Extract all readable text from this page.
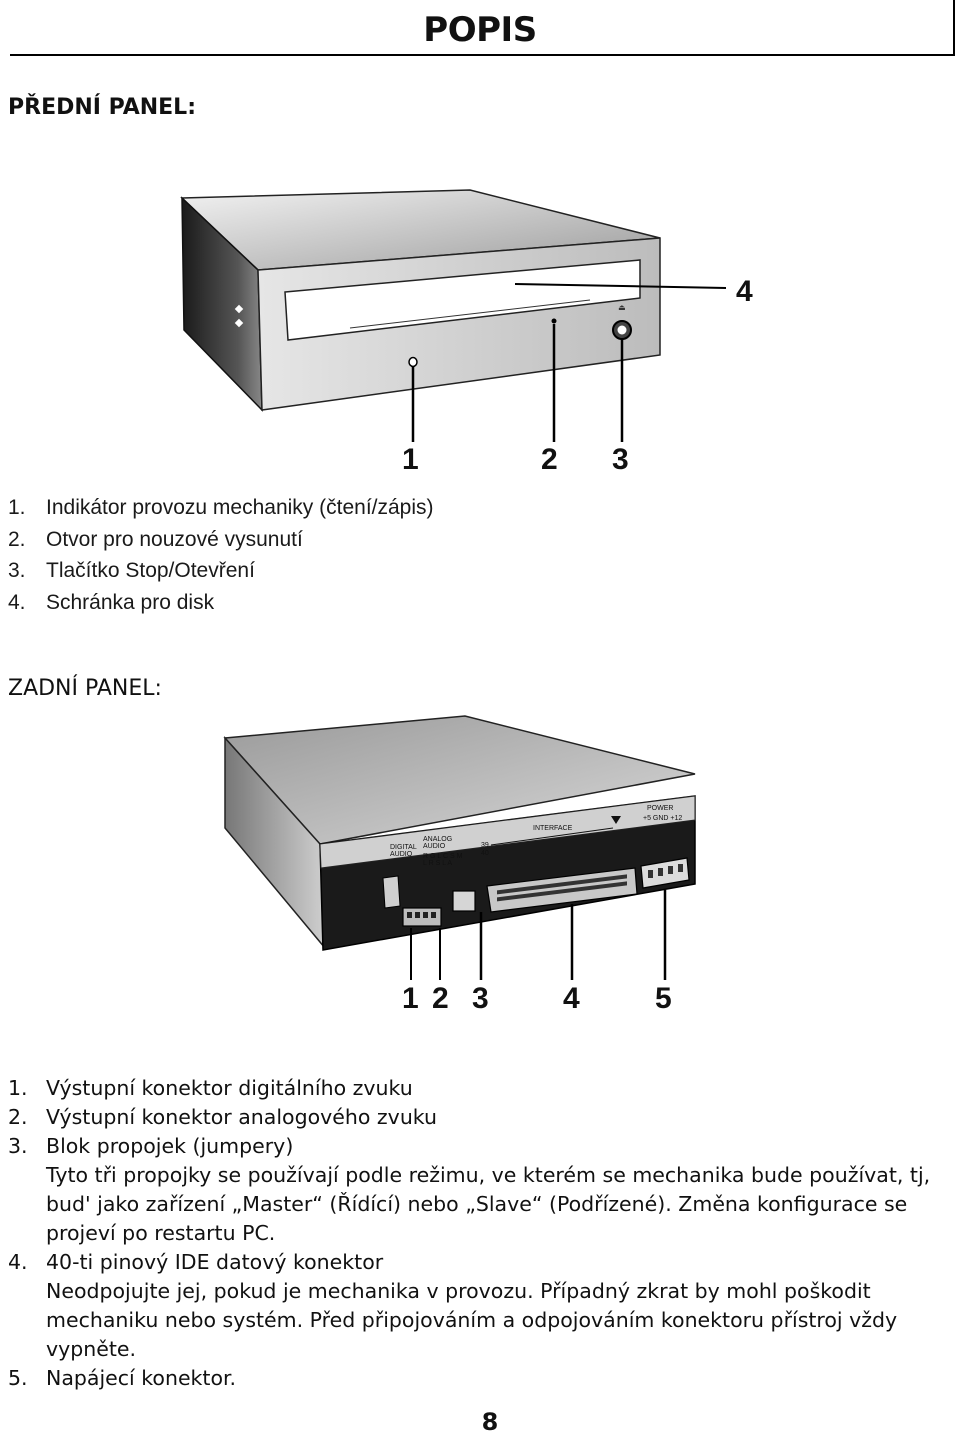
POPIS
PŘEDNÍ PANEL:
⏏
1	2 3
4
1. Indikátor provozu mechaniky (čtení/zápis)
2. Otvor pro nouzové vysunutí
3. Tlačítko Stop/Otevření
4. Schránka pro disk
ZADNÍ PANEL:
DIGITAL
AUDIO
ANALOG
AUDIO
R G L C S M
L R S L A
INTERFACE
39
40
POWER
+5 GND +12
1 2 3 4	5
1. Výstupní konektor digitálního zvuku
2. Výstupní konektor analogového zvuku
3. Blok propojek (jumpery)
Tyto tři propojky se používají podle režimu, ve kterém se mechanika bude používat, tj, bud' jako zařízení „Master“ (Řídící) nebo „Slave“ (Podřízené). Změna konfigurace se projeví po restartu PC.
4. 40-ti pinový IDE datový konektor
Neodpojujte jej, pokud je mechanika v provozu. Případný zkrat by mohl poškodit mechaniku nebo systém. Před připojováním a odpojováním konektoru přístroj vždy vypněte.
5. Napájecí konektor.
8
